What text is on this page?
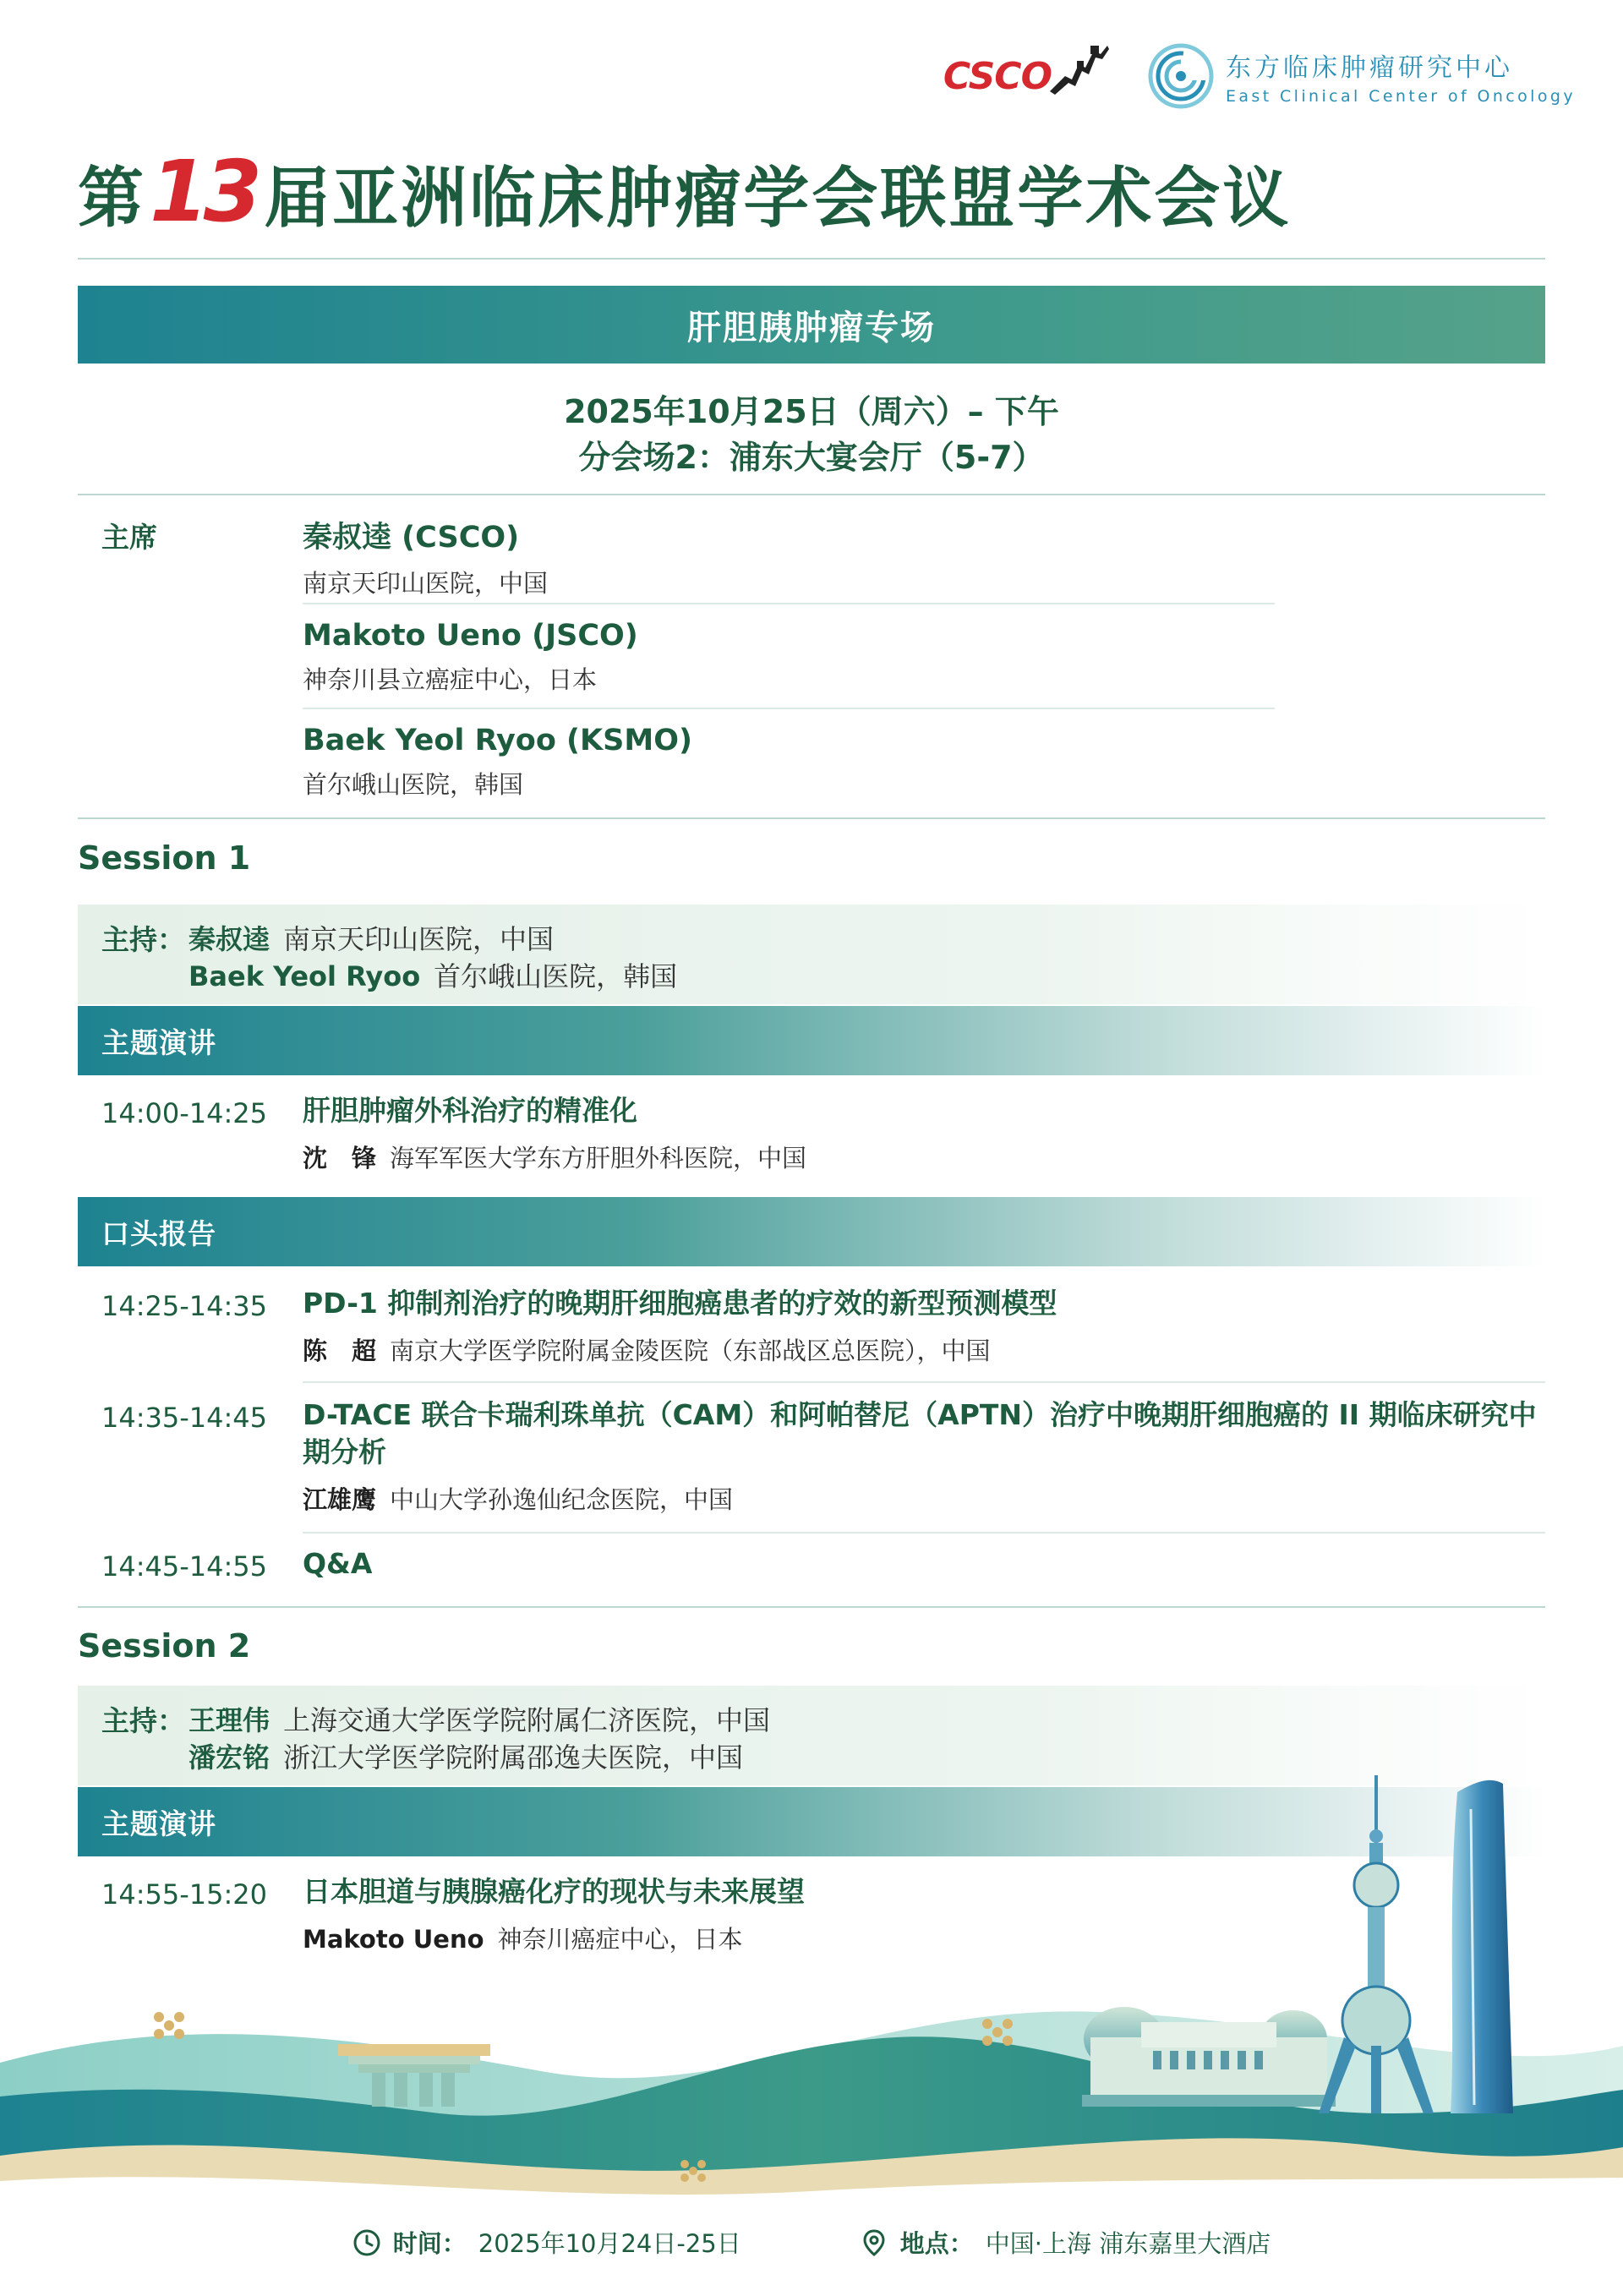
CSCO	东方临床肿瘤研究中心
East Clinical Center of Oncology
第 13 届亚洲临床肿瘤学会联盟学术会议
肝胆胰肿瘤专场
2025年10月25日（周六）– 下午
分会场2：浦东大宴会厅（5-7）
主席	秦叔逵 (CSCO)
南京天印山医院，中国
Makoto Ueno (JSCO)
神奈川县立癌症中心，日本
Baek Yeol Ryoo (KSMO)
首尔峨山医院，韩国
Session 1
主持： 秦叔逵 南京天印山医院，中国
Baek Yeol Ryoo 首尔峨山医院，韩国
主题演讲
14:00-14:25 肝胆肿瘤外科治疗的精准化
沈　锋 海军军医大学东方肝胆外科医院，中国
口头报告
14:25-14:35 PD-1 抑制剂治疗的晚期肝细胞癌患者的疗效的新型预测模型
陈　超 南京大学医学院附属金陵医院（东部战区总医院），中国
14:35-14:45 D-TACE 联合卡瑞利珠单抗（CAM）和阿帕替尼（APTN）治疗中晚期肝细胞癌的 II 期临床研究中期分析
江雄鹰 中山大学孙逸仙纪念医院，中国
14:45-14:55 Q&A
Session 2
主持： 王理伟 上海交通大学医学院附属仁济医院，中国
潘宏铭 浙江大学医学院附属邵逸夫医院，中国
主题演讲
14:55-15:20 日本胆道与胰腺癌化疗的现状与未来展望
Makoto Ueno 神奈川癌症中心，日本
时间： 2025年10月24日-25日	地点： 中国·上海 浦东嘉里大酒店
